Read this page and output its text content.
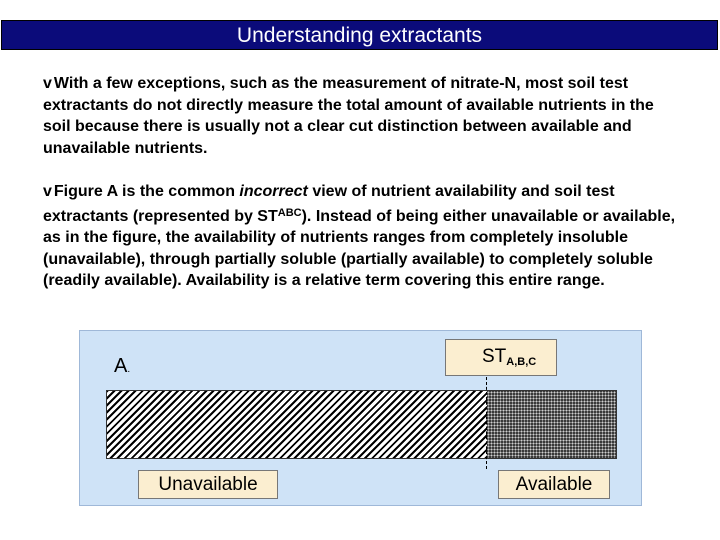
Understanding extractants
v With a few exceptions, such as the measurement of nitrate-N, most soil test extractants do not directly measure the total amount of available nutrients in the soil because there is usually not a clear cut distinction between available and unavailable nutrients.
v Figure A is the common incorrect view of nutrient availability and soil test extractants (represented by $ST^{ABC}$). Instead of being either unavailable or available, as in the figure, the availability of nutrients ranges from completely insoluble (unavailable), through partially soluble (partially available) to completely soluble (readily available). Availability is a relative term covering this entire range.
A.
STA,B,C
Unavailable	Available
